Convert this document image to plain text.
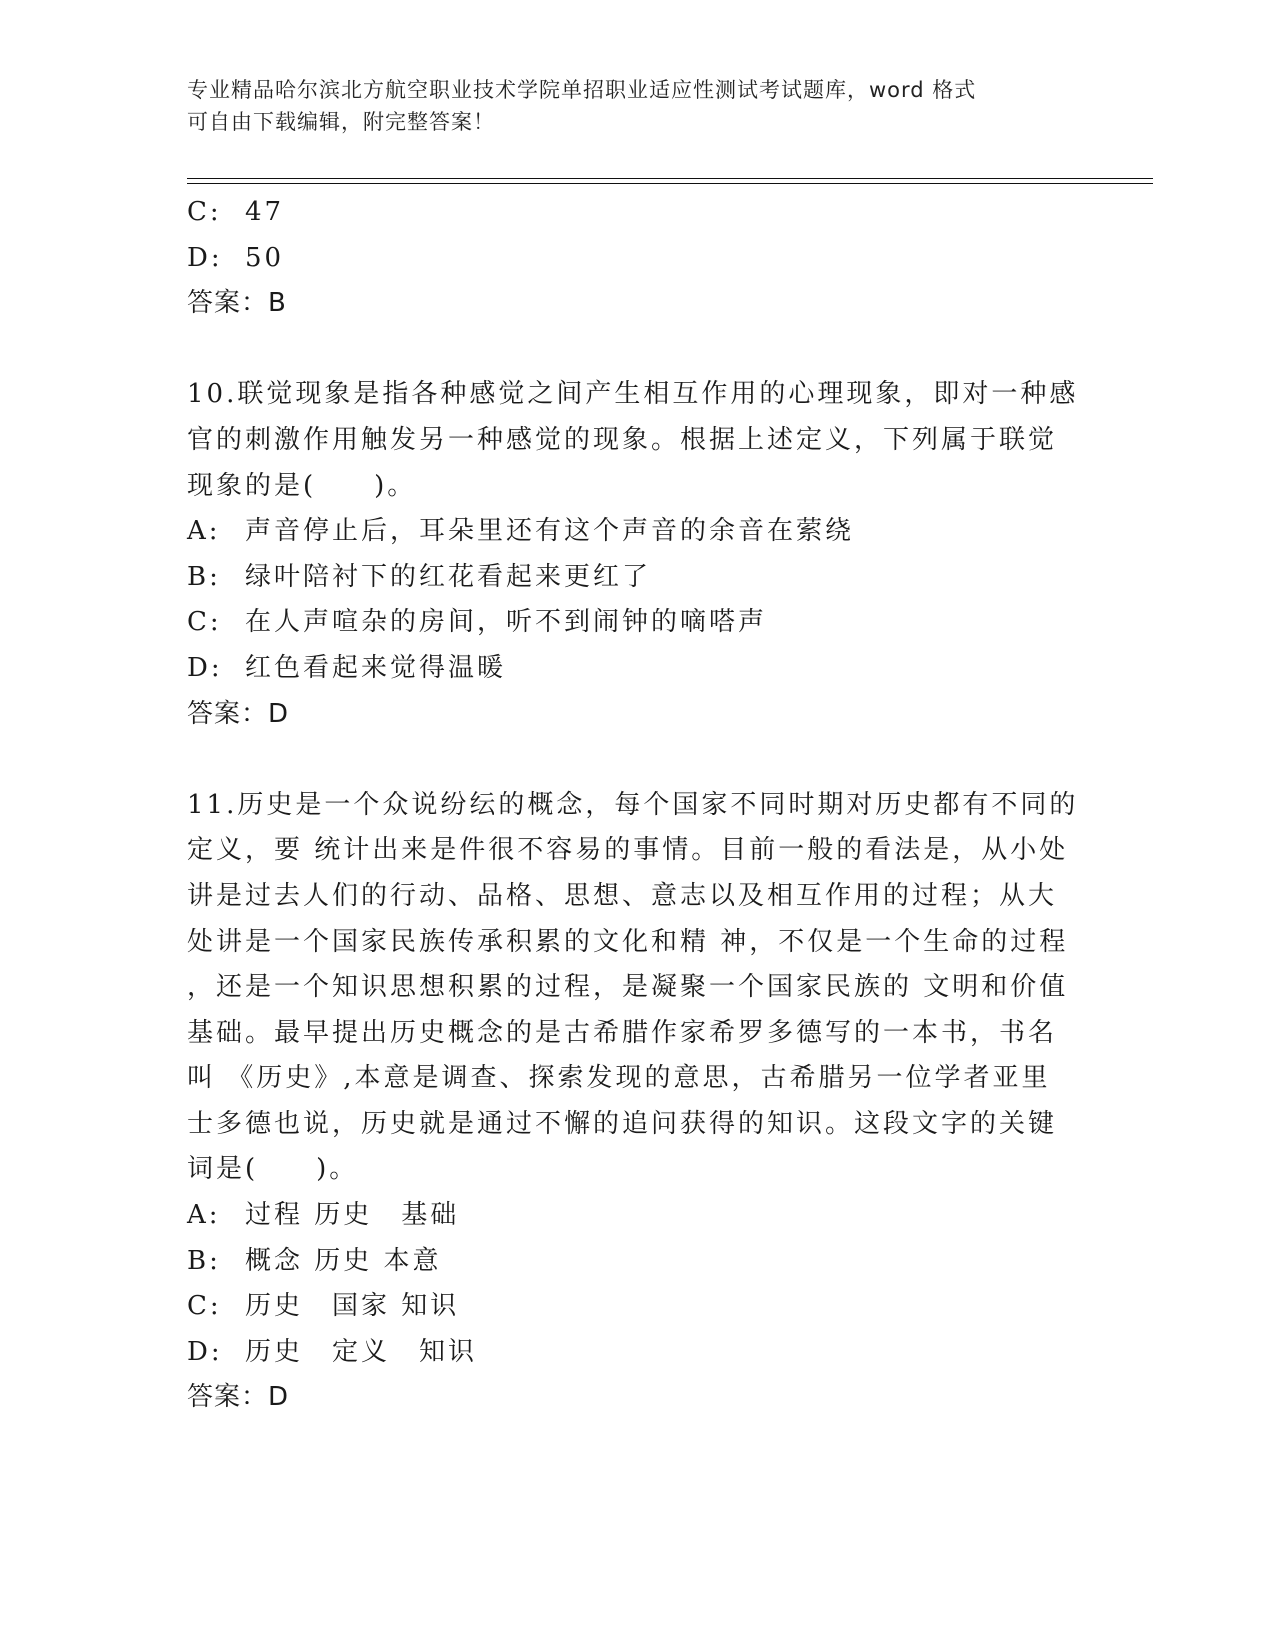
专业精品哈尔滨北方航空职业技术学院单招职业适应性测试考试题库，word 格式
可自由下载编辑，附完整答案！
C: 47
D: 50
答案：B
10.联觉现象是指各种感觉之间产生相互作用的心理现象，即对一种感
官的刺激作用触发另一种感觉的现象。根据上述定义，下列属于联觉
现象的是(　　)。
A: 声音停止后，耳朵里还有这个声音的余音在萦绕
B: 绿叶陪衬下的红花看起来更红了
C: 在人声喧杂的房间，听不到闹钟的嘀嗒声
D: 红色看起来觉得温暖
答案：D
11.历史是一个众说纷纭的概念，每个国家不同时期对历史都有不同的
定义，要 统计出来是件很不容易的事情。目前一般的看法是，从小处
讲是过去人们的行动、品格、思想、意志以及相互作用的过程；从大
处讲是一个国家民族传承积累的文化和精 神，不仅是一个生命的过程
，还是一个知识思想积累的过程，是凝聚一个国家民族的 文明和价值
基础。最早提出历史概念的是古希腊作家希罗多德写的一本书，书名
叫 《历史》,本意是调查、探索发现的意思，古希腊另一位学者亚里
士多德也说，历史就是通过不懈的追问获得的知识。这段文字的关键
词是(　　)。
A: 过程 历史　基础
B: 概念 历史 本意
C: 历史　国家 知识
D: 历史　定义　知识
答案：D
